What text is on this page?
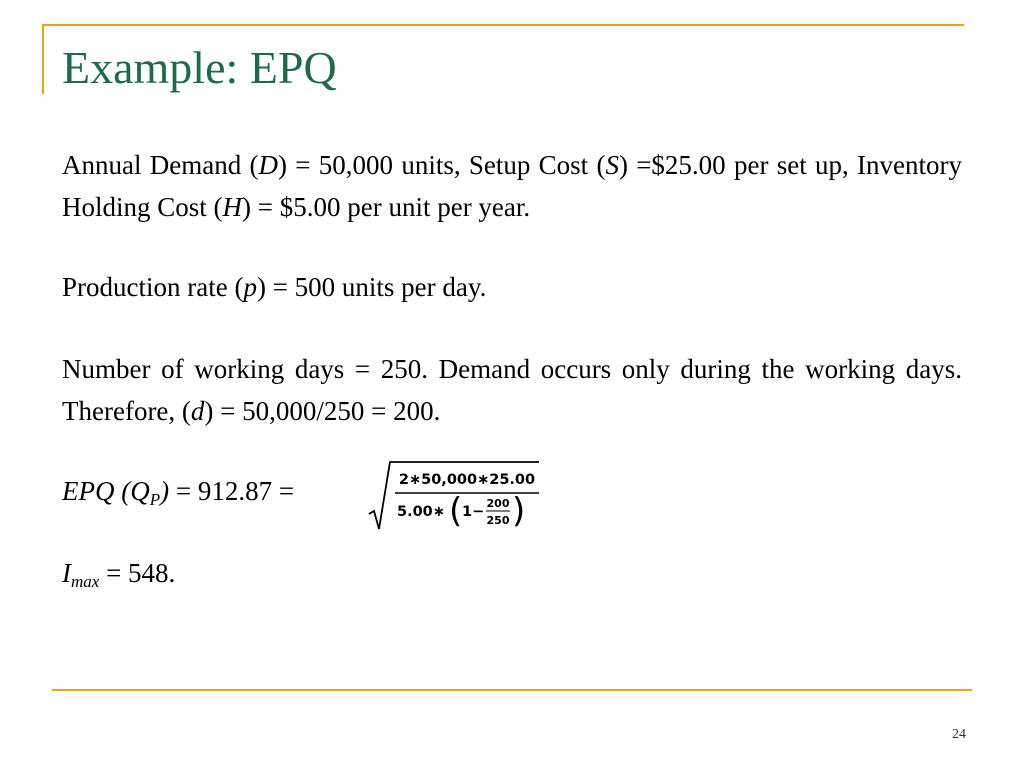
Example: EPQ
Annual Demand (D) = 50,000 units, Setup Cost (S) =$25.00 per set up, Inventory Holding Cost (H) = $5.00 per unit per year.
Production rate (p) = 500 units per day.
Number of working days = 250. Demand occurs only during the working days. Therefore, (d) = 50,000/250 = 200.
EPQ $(Q_P) = 912.87$ =	2∗50,000∗25.00
5.00∗ ( 1−
200
250 )
$I_{max} = 548$.
24
